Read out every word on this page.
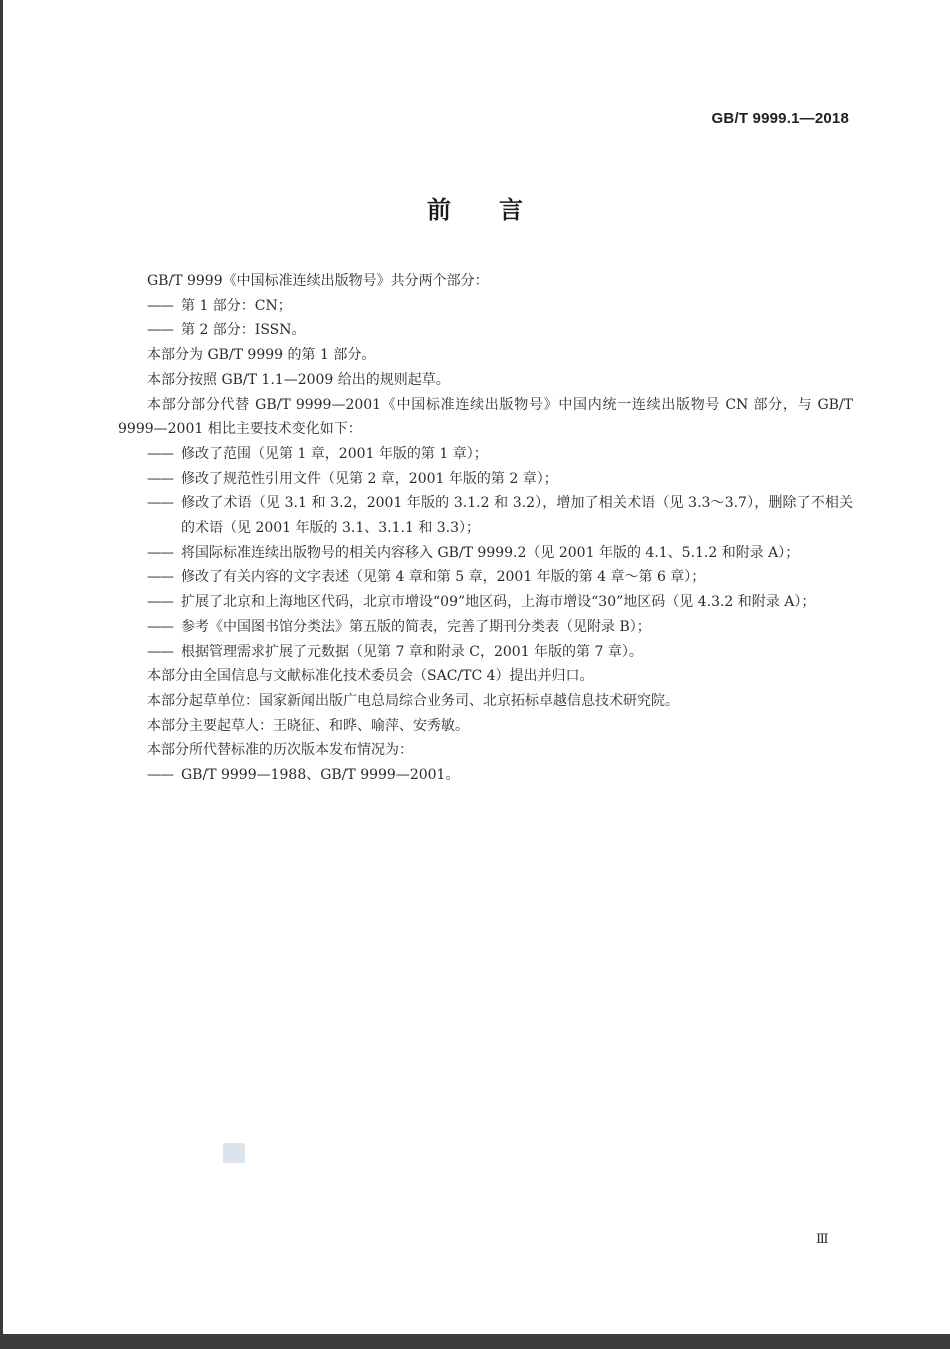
GB/T 9999.1—2018
前言

GB/T 9999《中国标准连续出版物号》共分两个部分：

—— 第 1 部分：CN；

—— 第 2 部分：ISSN。

本部分为 GB/T 9999 的第 1 部分。

本部分按照 GB/T 1.1—2009 给出的规则起草。

本部分部分代替 GB/T 9999—2001《中国标准连续出版物号》中国内统一连续出版物号 CN 部分，与 GB/T 9999—2001 相比主要技术变化如下：

—— 修改了范围（见第 1 章，2001 年版的第 1 章）；

—— 修改了规范性引用文件（见第 2 章，2001 年版的第 2 章）；

—— 修改了术语（见 3.1 和 3.2，2001 年版的 3.1.2 和 3.2），增加了相关术语（见 3.3～3.7），删除了不相关的术语（见 2001 年版的 3.1、3.1.1 和 3.3）；

—— 将国际标准连续出版物号的相关内容移入 GB/T 9999.2（见 2001 年版的 4.1、5.1.2 和附录 A）；

—— 修改了有关内容的文字表述（见第 4 章和第 5 章，2001 年版的第 4 章～第 6 章）；

—— 扩展了北京和上海地区代码，北京市增设“09”地区码，上海市增设“30”地区码（见 4.3.2 和附录 A）；

—— 参考《中国图书馆分类法》第五版的简表，完善了期刊分类表（见附录 B）；

—— 根据管理需求扩展了元数据（见第 7 章和附录 C，2001 年版的第 7 章）。

本部分由全国信息与文献标准化技术委员会（SAC/TC 4）提出并归口。

本部分起草单位：国家新闻出版广电总局综合业务司、北京拓标卓越信息技术研究院。

本部分主要起草人：王晓征、和晔、喻萍、安秀敏。

本部分所代替标准的历次版本发布情况为：

—— GB/T 9999—1988、GB/T 9999—2001。

Ⅲ
